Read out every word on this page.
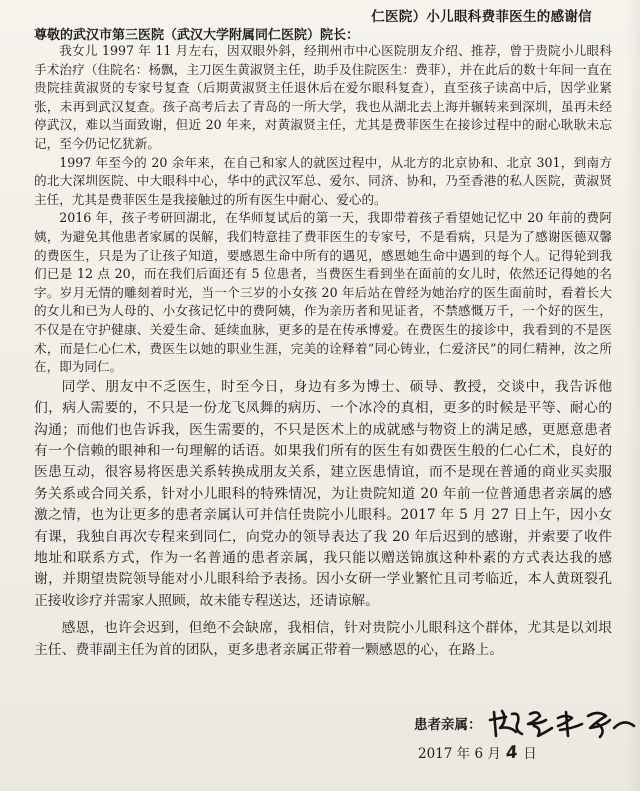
仁医院）小儿眼科费菲医生的感谢信
尊敬的武汉市第三医院（武汉大学附属同仁医院）院长：

我女儿 1997 年 11 月左右，因双眼外斜，经荆州市中心医院朋友介绍、推荐，曾于贵院小儿眼科手术治疗（住院名：杨飘，主刀医生黄淑贤主任，助手及住院医生：费菲），并在此后的数十年间一直在贵院挂黄淑贤的专家号复查（后期黄淑贤主任退休后在爱尔眼科复查），直至孩子读高中后，因学业紧张，未再到武汉复查。孩子高考后去了青岛的一所大学，我也从湖北去上海并辗转来到深圳，虽再未经停武汉，难以当面致谢，但近 20 年来，对黄淑贤主任，尤其是费菲医生在接诊过程中的耐心耿耿未忘记，至今仍记忆犹新。

1997 年至今的 20 余年来，在自己和家人的就医过程中，从北方的北京协和、北京 301，到南方的北大深圳医院、中大眼科中心，华中的武汉军总、爱尔、同济、协和，乃至香港的私人医院，黄淑贤主任，尤其是费菲医生是我接触过的所有医生中耐心、爱心的。

2016 年，孩子考研回湖北，在华师复试后的第一天，我即带着孩子看望她记忆中 20 年前的费阿姨，为避免其他患者家属的误解，我们特意挂了费菲医生的专家号，不是看病，只是为了感谢医德双馨的费医生，只是为了让孩子知道，要感恩生命中所有的遇见，感恩她生命中遇到的每个人。记得轮到我们已是 12 点 20，而在我们后面还有 5 位患者，当费医生看到坐在面前的女儿时，依然还记得她的名字。岁月无情的雕刻着时光，当一个三岁的小女孩 20 年后站在曾经为她治疗的医生面前时，看着长大的女儿和已为人母的、小女孩记忆中的费阿姨，作为亲历者和见证者，不禁感慨万千，一个好的医生，不仅是在守护健康、关爱生命、延续血脉，更多的是在传承博爱。在费医生的接诊中，我看到的不是医术，而是仁心仁术，费医生以她的职业生涯，完美的诠释着“同心铸业，仁爱济民”的同仁精神，汝之所在，即为同仁。

同学、朋友中不乏医生，时至今日，身边有多为博士、硕导、教授，交谈中，我告诉他们，病人需要的，不只是一份龙飞凤舞的病历、一个冰冷的真相，更多的时候是平等、耐心的沟通；而他们也告诉我，医生需要的，不只是医术上的成就感与物资上的满足感，更愿意患者有一个信赖的眼神和一句理解的话语。如果我们所有的医生有如费医生般的仁心仁术，良好的医患互动，很容易将医患关系转换成朋友关系，建立医患情谊，而不是现在普通的商业买卖服务关系或合同关系，针对小儿眼科的特殊情况，为让贵院知道 20 年前一位普通患者亲属的感激之情，也为让更多的患者亲属认可并信任贵院小儿眼科。2017 年 5 月 27 日上午，因小女有课，我独自再次专程来到同仁，向党办的领导表达了我 20 年后迟到的感谢，并索要了收件地址和联系方式，作为一名普通的患者亲属，我只能以赠送锦旗这种朴素的方式表达我的感谢，并期望贵院领导能对小儿眼科给予表扬。因小女研一学业繁忙且司考临近，本人黄斑裂孔正接收诊疗并需家人照顾，故未能专程送达，还请谅解。

感恩，也许会迟到，但绝不会缺席，我相信，针对贵院小儿眼科这个群体，尤其是以刘垠主任、费菲副主任为首的团队，更多患者亲属正带着一颗感恩的心，在路上。

患者亲属：
2017 年 6 月 4 日
